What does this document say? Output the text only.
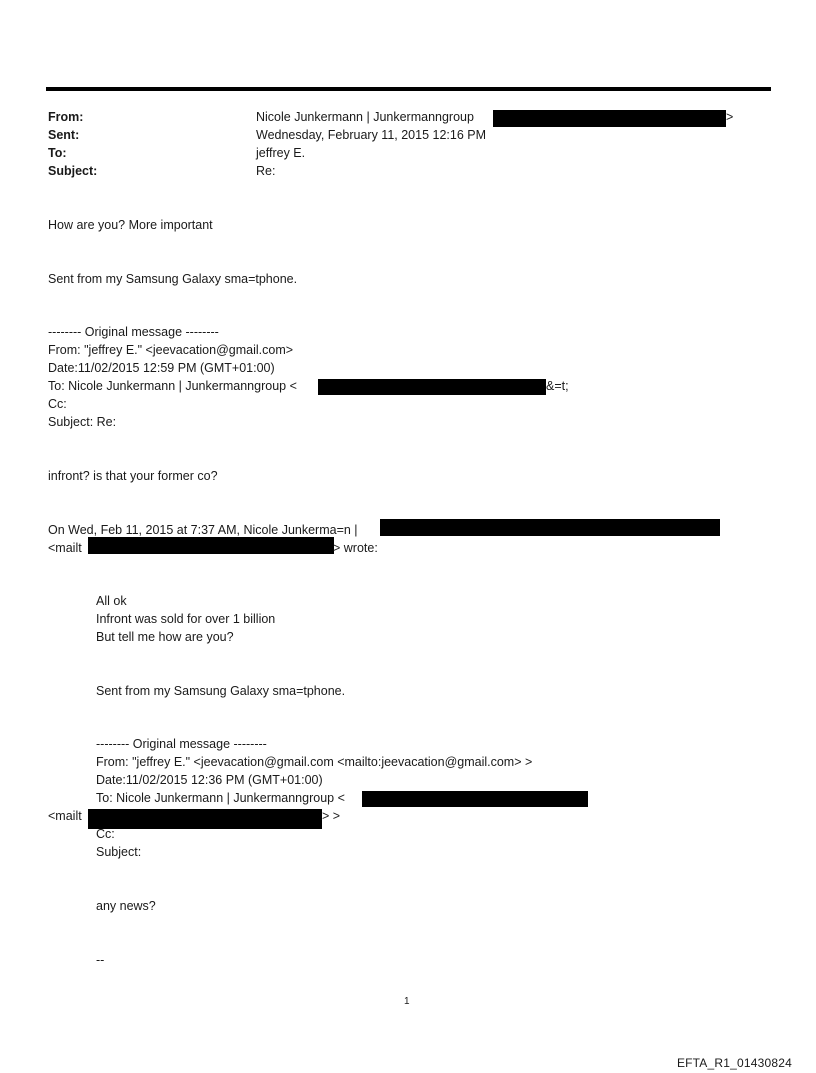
From:	Nicole Junkermann | Junkermanngroup	>
Sent:	Wednesday, February 11, 2015 12:16 PM
To:	jeffrey E.
Subject:	Re:
How are you? More important
Sent from my Samsung Galaxy sma=tphone.
-------- Original message --------
From: "jeffrey E." <jeevacation@gmail.com>
Date:11/02/2015 12:59 PM (GMT+01:00)
To: Nicole Junkermann | Junkermanngroup <	&=t;
Cc:
Subject: Re:
infront? is that your former co?
On Wed, Feb 11, 2015 at 7:37 AM, Nicole Junkerma=n |
<mailt	> wrote:
All ok
Infront was sold for over 1 billion
But tell me how are you?
Sent from my Samsung Galaxy sma=tphone.
-------- Original message --------
From: "jeffrey E." <jeevacation@gmail.com <mailto:jeevacation@gmail.com> >
Date:11/02/2015 12:36 PM (GMT+01:00)
To: Nicole Junkermann | Junkermanngroup <
<mailt	> >
Cc:
Subject:
any news?
--
1
EFTA_R1_01430824
